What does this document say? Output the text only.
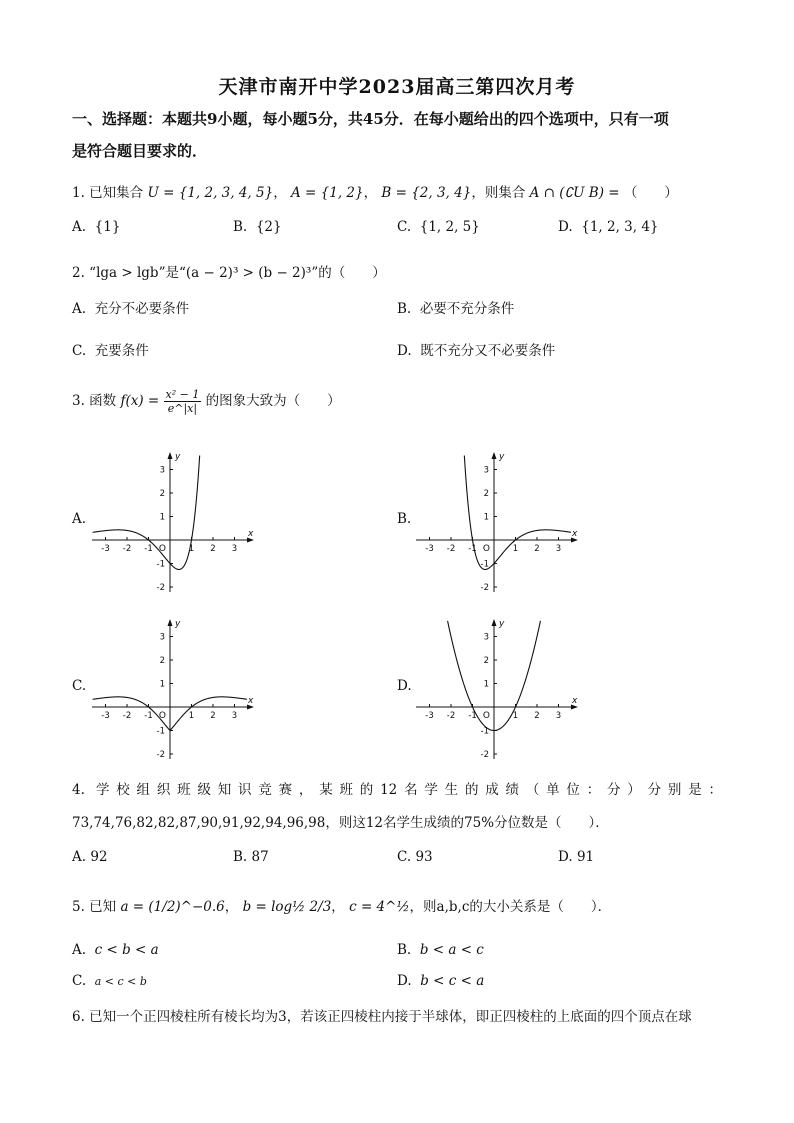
天津市南开中学2023届高三第四次月考
一、选择题：本题共9小题，每小题5分，共45分．在每小题给出的四个选项中，只有一项
是符合题目要求的．
1. 已知集合 U = {1, 2, 3, 4, 5}， A = {1, 2}， B = {2, 3, 4}，则集合 A ∩ (∁U B) = （　　）
A. {1}	B. {2}	C. {1, 2, 5}	D. {1, 2, 3, 4}
2. “lga > lgb”是“(a − 2)³ > (b − 2)³”的（　　）
A. 充分不必要条件	B. 必要不充分条件
C. 充要条件	D. 既不充分又不必要条件
3. 函数 $f(x) = \frac{\text{x² − 1}}{e\^{}|x|}$ 的图象大致为（　　）
A.	B.
C.	D.
-3 -2 -1	1 2 3
3
2
1
-1
-2
O
x
y
-3 -2 -1	1 2 3
3
2
1
-1
-2
O
x
y
-3 -2 -1	1 2 3
3
2
1
-1
-2
O
x
y
-3 -2 -1	1 2 3
3
2
1
-1
-2
O
x
y
4. 学校组织班级知识竞赛，某班的12名学生的成绩（单位：分）分别是：
73,74,76,82,82,87,90,91,92,94,96,98，则这12名学生成绩的75%分位数是（　　）．
A. 92	B. 87	C. 93	D. 91
5. 已知 a = (1/2)^−0.6， b = log½ 2/3， c = 4^½，则a,b,c的大小关系是（　　）．
A. c < b < a	B. b < a < c
C. a < c < b	D. b < c < a
6. 已知一个正四棱柱所有棱长均为3，若该正四棱柱内接于半球体，即正四棱柱的上底面的四个顶点在球
